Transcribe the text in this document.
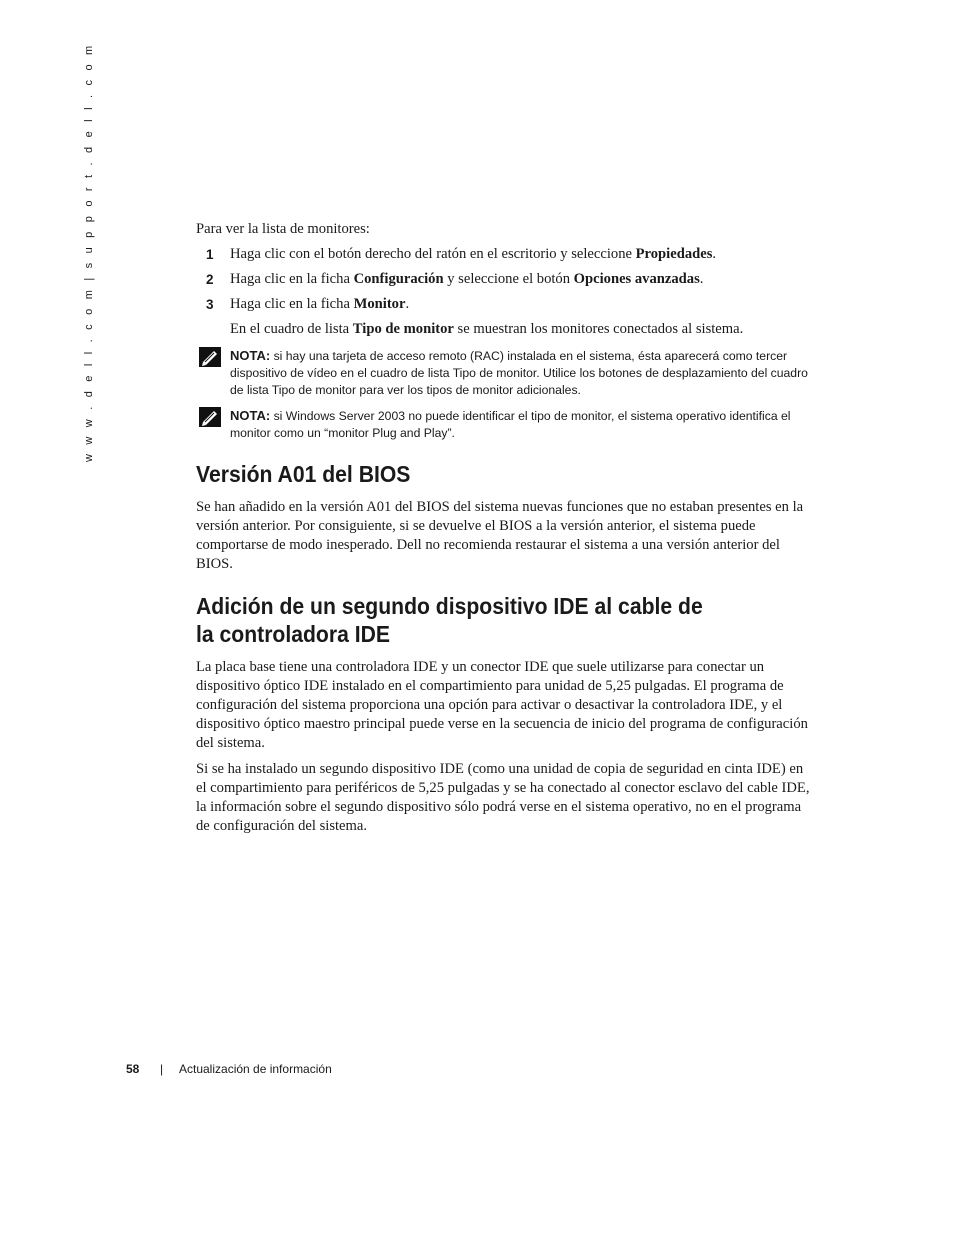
w w w . d e l l . c o m | s u p p o r t . d e l l . c o m	Para ver la lista de monitores:

1 Haga clic con el botón derecho del ratón en el escritorio y seleccione Propiedades.
2 Haga clic en la ficha Configuración y seleccione el botón Opciones avanzadas.
3 Haga clic en la ficha Monitor.

En el cuadro de lista Tipo de monitor se muestran los monitores conectados al sistema.

NOTA: si hay una tarjeta de acceso remoto (RAC) instalada en el sistema, ésta aparecerá como tercer dispositivo de vídeo en el cuadro de lista Tipo de monitor. Utilice los botones de desplazamiento del cuadro de lista Tipo de monitor para ver los tipos de monitor adicionales.
NOTA: si Windows Server 2003 no puede identificar el tipo de monitor, el sistema operativo identifica el monitor como un “monitor Plug and Play”.
Versión A01 del BIOS

Se han añadido en la versión A01 del BIOS del sistema nuevas funciones que no estaban presentes en la versión anterior. Por consiguiente, si se devuelve el BIOS a la versión anterior, el sistema puede comportarse de modo inesperado. Dell no recomienda restaurar el sistema a una versión anterior del BIOS.

Adición de un segundo dispositivo IDE al cable de la controladora IDE

La placa base tiene una controladora IDE y un conector IDE que suele utilizarse para conectar un dispositivo óptico IDE instalado en el compartimiento para unidad de 5,25 pulgadas. El programa de configuración del sistema proporciona una opción para activar o desactivar la controladora IDE, y el dispositivo óptico maestro principal puede verse en la secuencia de inicio del programa de configuración del sistema.

Si se ha instalado un segundo dispositivo IDE (como una unidad de copia de seguridad en cinta IDE) en el compartimiento para periféricos de 5,25 pulgadas y se ha conectado al conector esclavo del cable IDE, la información sobre el segundo dispositivo sólo podrá verse en el sistema operativo, no en el programa de configuración del sistema.

58 | Actualización de información
